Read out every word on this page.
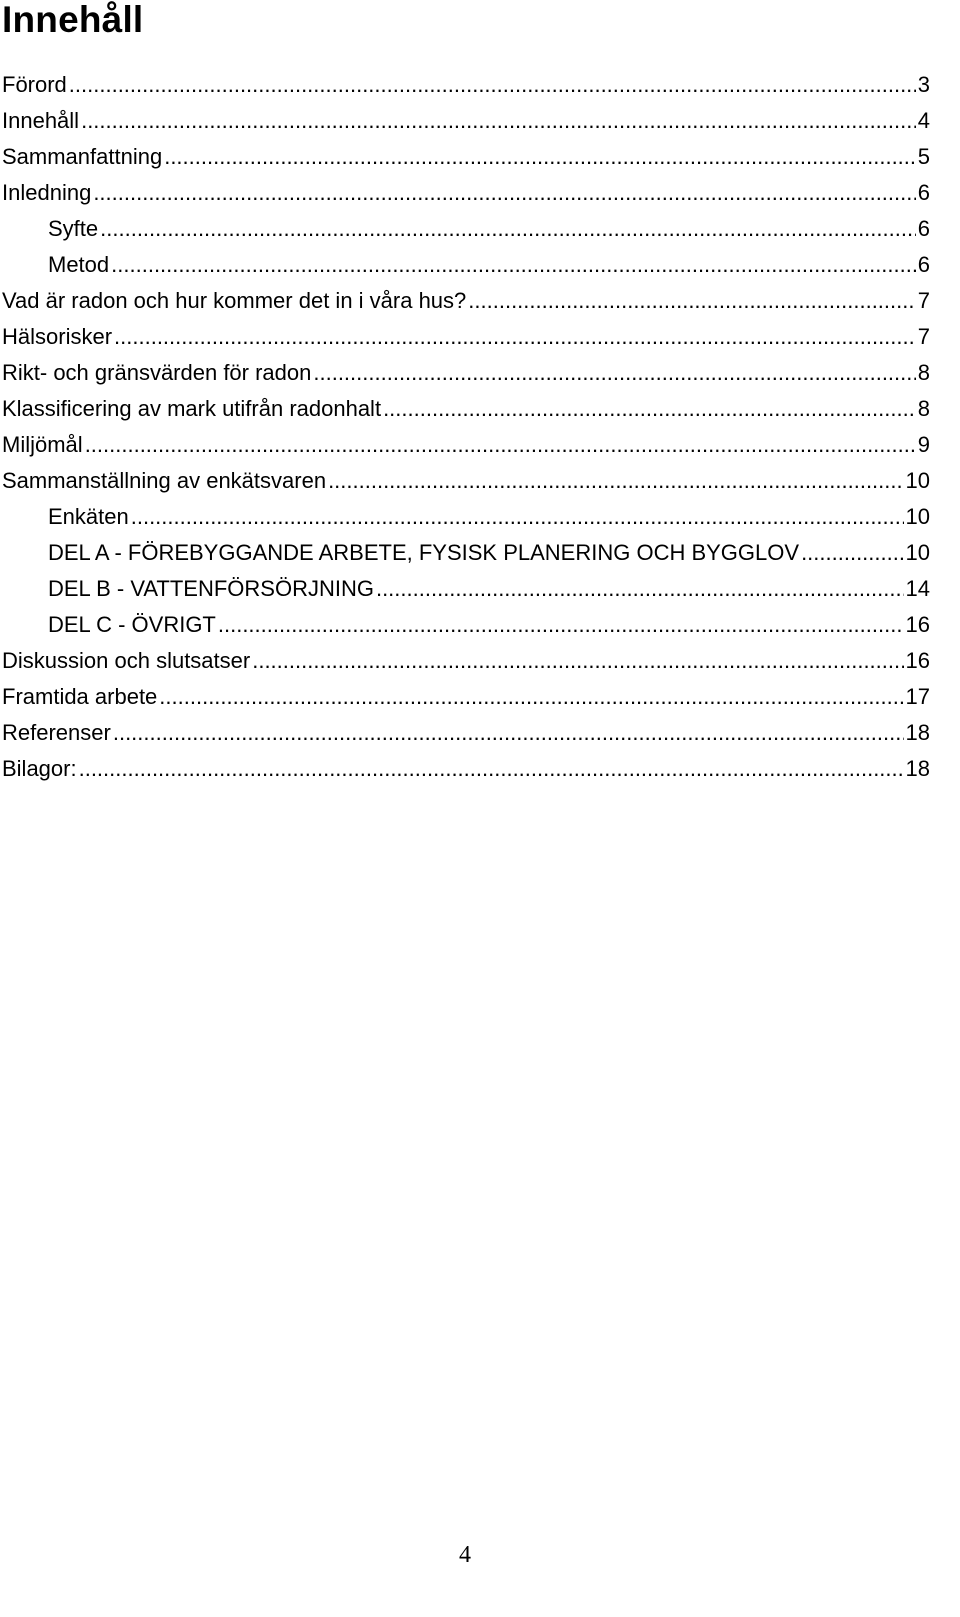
Innehåll
Förord .....	3
Innehåll .....	4
Sammanfattning .....	5
Inledning .....	6
Syfte .....	6
Metod .....	6
Vad är radon och hur kommer det in i våra hus? .....	7
Hälsorisker .....	7
Rikt- och gränsvärden för radon .....	8
Klassificering av mark utifrån radonhalt .....	8
Miljömål .....	9
Sammanställning av enkätsvaren .....	10
Enkäten .....	10
DEL A - FÖREBYGGANDE ARBETE, FYSISK PLANERING OCH BYGGLOV .....	10
DEL B - VATTENFÖRSÖRJNING .....	14
DEL C - ÖVRIGT .....	16
Diskussion och slutsatser .....	16
Framtida arbete .....	17
Referenser .....	18
Bilagor: .....	18
4
